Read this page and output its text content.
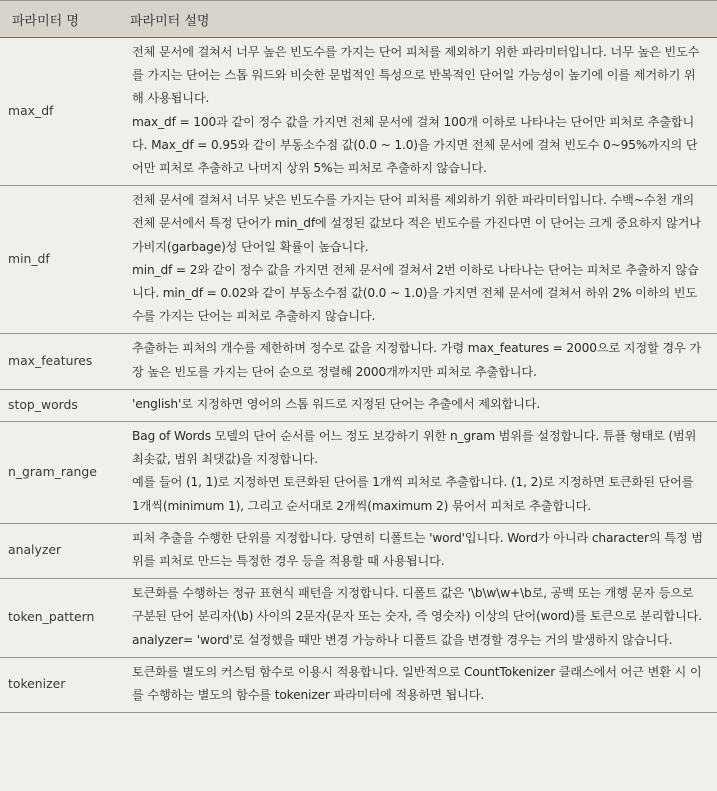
파라미터 명	파라미터 설명
max_df	전체 문서에 걸쳐서 너무 높은 빈도수를 가지는 단어 피처를 제외하기 위한 파라미터입니다. 너무 높은 빈도수를 가지는 단어는 스톱 워드와 비슷한 문법적인 특성으로 반복적인 단어일 가능성이 높기에 이를 제거하기 위해 사용됩니다.

max_df = 100과 같이 정수 값을 가지면 전체 문서에 걸쳐 100개 이하로 나타나는 단어만 피처로 추출합니다. Max_df = 0.95와 같이 부동소수점 값(0.0 ~ 1.0)을 가지면 전체 문서에 걸쳐 빈도수 0~95%까지의 단어만 피처로 추출하고 나머지 상위 5%는 피처로 추출하지 않습니다.

min_df	전체 문서에 걸쳐서 너무 낮은 빈도수를 가지는 단어 피처를 제외하기 위한 파라미터입니다. 수백~수천 개의 전체 문서에서 특정 단어가 min_df에 설정된 값보다 적은 빈도수를 가진다면 이 단어는 크게 중요하지 않거나 가비지(garbage)성 단어일 확률이 높습니다.

min_df = 2와 같이 정수 값을 가지면 전체 문서에 걸쳐서 2번 이하로 나타나는 단어는 피처로 추출하지 않습니다. min_df = 0.02와 같이 부동소수점 값(0.0 ~ 1.0)을 가지면 전체 문서에 걸쳐서 하위 2% 이하의 빈도수를 가지는 단어는 피처로 추출하지 않습니다.

max_features	추출하는 피처의 개수를 제한하며 정수로 값을 지정합니다. 가령 max_features = 2000으로 지정할 경우 가장 높은 빈도를 가지는 단어 순으로 정렬해 2000개까지만 피처로 추출합니다.

stop_words	'english'로 지정하면 영어의 스톱 워드로 지정된 단어는 추출에서 제외합니다.

n_gram_range	Bag of Words 모델의 단어 순서를 어느 정도 보강하기 위한 n_gram 범위를 설정합니다. 튜플 형태로 (범위 최솟값, 범위 최댓값)을 지정합니다.

예를 들어 (1, 1)로 지정하면 토큰화된 단어를 1개씩 피처로 추출합니다. (1, 2)로 지정하면 토큰화된 단어를 1개씩(minimum 1), 그리고 순서대로 2개씩(maximum 2) 묶어서 피처로 추출합니다.

analyzer	피처 추출을 수행한 단위를 지정합니다. 당연히 디폴트는 'word'입니다. Word가 아니라 character의 특정 범위를 피처로 만드는 특정한 경우 등을 적용할 때 사용됩니다.

token_pattern	토큰화를 수행하는 정규 표현식 패턴을 지정합니다. 디폴트 값은 '\b\w\w+\b로, 공백 또는 개행 문자 등으로 구분된 단어 분리자(\b) 사이의 2문자(문자 또는 숫자, 즉 영숫자) 이상의 단어(word)를 토큰으로 분리합니다. analyzer= 'word'로 설정했을 때만 변경 가능하나 디폴트 값을 변경할 경우는 거의 발생하지 않습니다.

tokenizer	토큰화를 별도의 커스텀 함수로 이용시 적용합니다. 일반적으로 CountTokenizer 클래스에서 어근 변환 시 이를 수행하는 별도의 함수를 tokenizer 파라미터에 적용하면 됩니다.
